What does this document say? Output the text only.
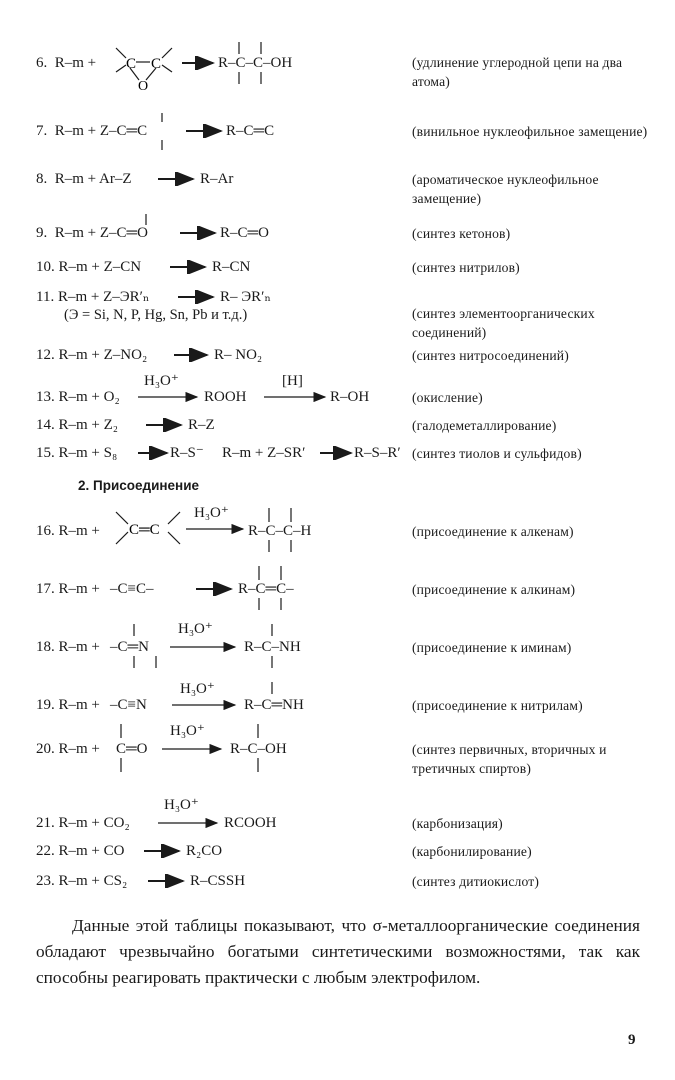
6. R–m + C C
O
→ R–C–C–OH	(удлинение углеродной цепи на два атома)
7. R–m + Z–C═C → R–C═C	(винильное нуклеофильное замещение)
8. R–m + Ar–Z → R–Ar	(ароматическое нуклеофильное замещение)
9. R–m + Z–C═O → R–C═O	(синтез кетонов)
10. R–m + Z–CN → R–CN	(синтез нитрилов)
11. R–m + Z–ЭR′ₙ → R– ЭR′ₙ
(Э = Si, N, P, Hg, Sn, Pb и т.д.)	(синтез элементоорганических соединений)
12. R–m + Z–NO₂ → R– NO₂	(синтез нитросоединений)
13. R–m + O₂
H₃O⁺
→ ROOH
[H]
R–OH	(окисление)
14. R–m + Z₂ → R–Z	(галодеметаллирование)
15. R–m + S₈ → R–S⁻ R–m + Z–SR′ → R–S–R′ (синтез тиолов и сульфидов)
2. Присоединение
16. R–m + C═C
H₃O⁺
→ R–C–C–H	(присоединение к алкенам)
17. R–m + –C≡C–	→ R–C═C–	(присоединение к алкинам)
18. R–m + –C═N
H₃O⁺
R–C–NH	(присоединение к иминам)
19. R–m + –C≡N
H₃O⁺
R–C═NH	(присоединение к нитрилам)
20. R–m + C═O
H₃O⁺
→ R–C–OH	(синтез первичных, вторичных и третичных спиртов)
21. R–m + CO₂
H₃O⁺
→ RCOOH	(карбонизация)
22. R–m + CO → R₂CO	(карбонилирование)
23. R–m + CS₂ → R–CSSH	(синтез дитиокислот)
Данные этой таблицы показывают, что σ-металлоорганические соединения обладают чрезвычайно богатыми синтетическими возможностями, так как способны реагировать практически с любым электрофилом.
9
